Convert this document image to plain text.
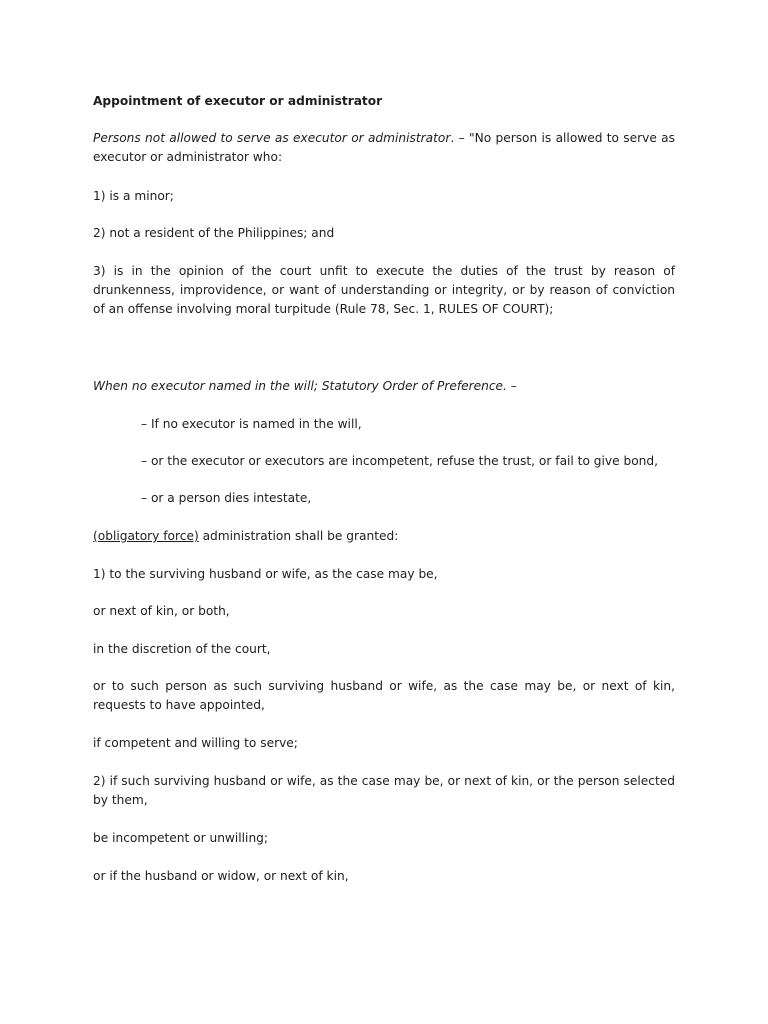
Appointment of executor or administrator

Persons not allowed to serve as executor or administrator. – "No person is allowed to serve as executor or administrator who:

1) is a minor;

2) not a resident of the Philippines; and

3) is in the opinion of the court unfit to execute the duties of the trust by reason of drunkenness, improvidence, or want of understanding or integrity, or by reason of conviction of an offense involving moral turpitude (Rule 78, Sec. 1, RULES OF COURT);

When no executor named in the will; Statutory Order of Preference. –

– If no executor is named in the will,

– or the executor or executors are incompetent, refuse the trust, or fail to give bond,

– or a person dies intestate,

(obligatory force) administration shall be granted:

1) to the surviving husband or wife, as the case may be,

or next of kin, or both,

in the discretion of the court,

or to such person as such surviving husband or wife, as the case may be, or next of kin, requests to have appointed,

if competent and willing to serve;

2) if such surviving husband or wife, as the case may be, or next of kin, or the person selected by them,

be incompetent or unwilling;

or if the husband or widow, or next of kin,
